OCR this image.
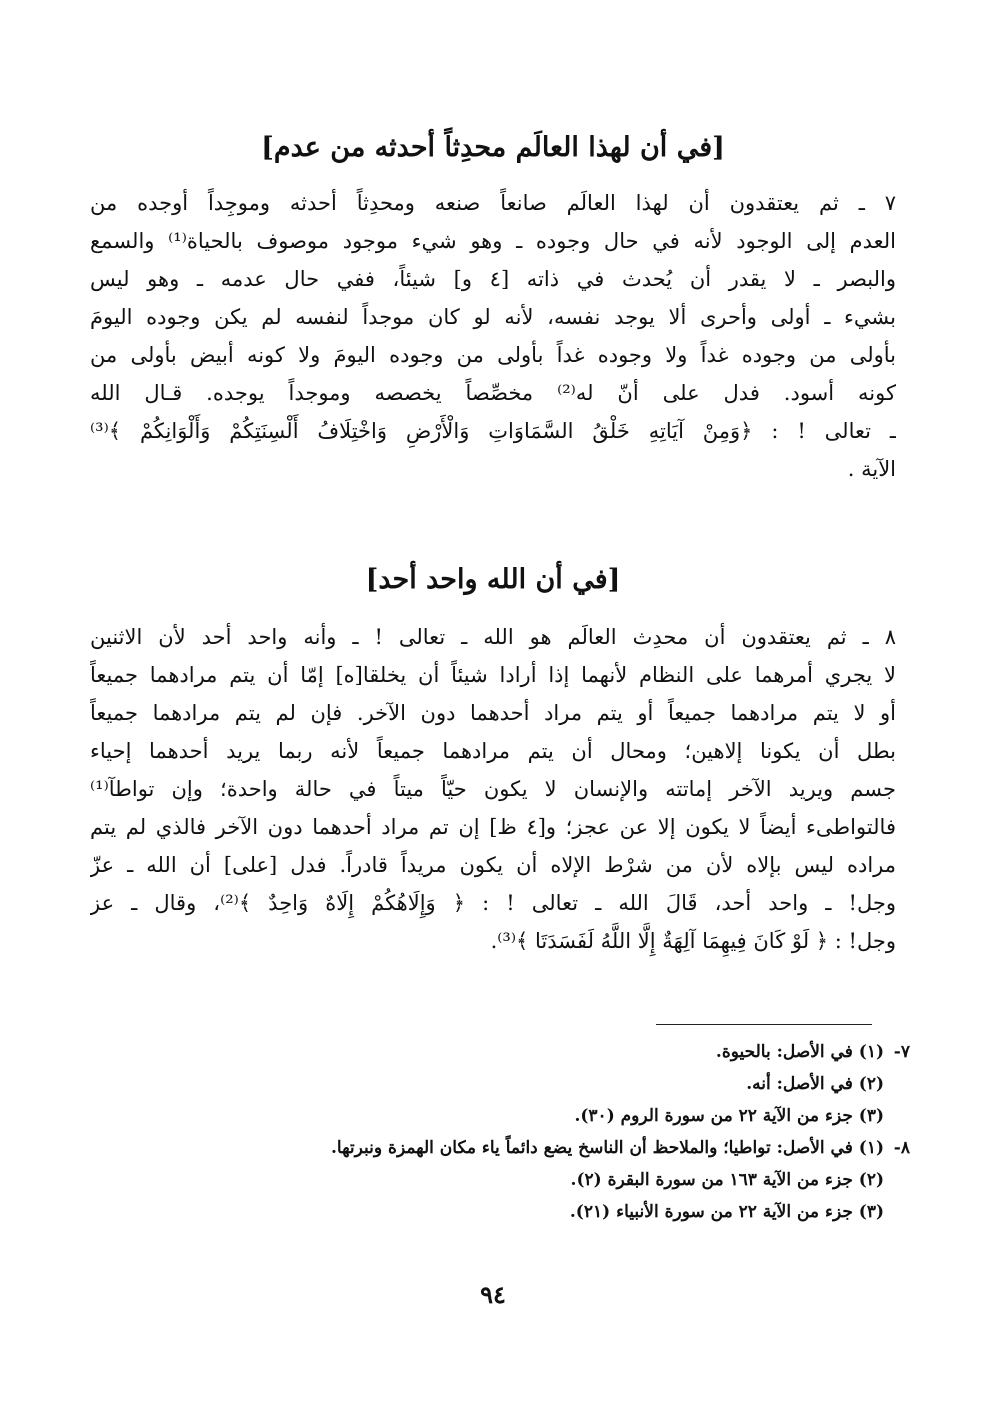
[في أن لهذا العالَم محدِثاً أحدثه من عدم]
٧ ـ ثم يعتقدون أن لهذا العالَم صانعاً صنعه ومحدِثاً أحدثه وموجِداً أوجده من
العدم إلى الوجود لأنه في حال وجوده ـ وهو شيء موجود موصوف بالحياة⁽¹⁾ والسمع
والبصر ـ لا يقدر أن يُحدث في ذاته [٤ و] شيئاً، ففي حال عدمه ـ وهو ليس
بشيء ـ أولى وأحرى ألا يوجد نفسه، لأنه لو كان موجداً لنفسه لم يكن وجوده اليومَ
بأولى من وجوده غداً ولا وجوده غداً بأولى من وجوده اليومَ ولا كونه أبيض بأولى من
كونه أسود. فدل على أنّ له⁽²⁾ مخصِّصاً يخصصه وموجداً يوجده. قـال الله
ـ تعالى ! : ﴿وَمِنْ آيَاتِهِ خَلْقُ السَّمَاوَاتِ وَالْأَرْضِ وَاخْتِلَافُ أَلْسِنَتِكُمْ وَأَلْوَانِكُمْ ﴾⁽³⁾
الآية .
[في أن الله واحد أحد]
٨ ـ ثم يعتقدون أن محدِث العالَم هو الله ـ تعالى ! ـ وأنه واحد أحد لأن الاثنين
لا يجري أمرهما على النظام لأنهما إذا أرادا شيئاً أن يخلقا[ه] إمّا أن يتم مرادهما جميعاً
أو لا يتم مرادهما جميعاً أو يتم مراد أحدهما دون الآخر. فإن لم يتم مرادهما جميعاً
بطل أن يكونا إلاهين؛ ومحال أن يتم مرادهما جميعاً لأنه ربما يريد أحدهما إحياء
جسم ويريد الآخر إماتته والإنسان لا يكون حيّاً ميتاً في حالة واحدة؛ وإن تواطآ⁽¹⁾
فالتواطىء أيضاً لا يكون إلا عن عجز؛ و[٤ ظ] إن تم مراد أحدهما دون الآخر فالذي لم يتم
مراده ليس بإلاه لأن من شرْط الإلاه أن يكون مريداً قادراً. فدل [على] أن الله ـ عزّ
وجل! ـ واحد أحد، قَالَ الله ـ تعالى ! : ﴿ وَإِلَاهُكُمْ إِلَاهٌ وَاحِدٌ ﴾⁽²⁾، وقال ـ عز
وجل! : ﴿ لَوْ كَانَ فِيهِمَا آلِهَةٌ إِلَّا اللَّهُ لَفَسَدَتَا ﴾⁽³⁾.
٧-(١) في الأصل: بالحيوة.
(٢) في الأصل: أنه.
(٣) جزء من الآية ٢٢ من سورة الروم (٣٠).
٨-(١) في الأصل: تواطيا؛ والملاحظ أن الناسخ يضع دائماً ياء مكان الهمزة ونبرتها.
(٢) جزء من الآية ١٦٣ من سورة البقرة (٢).
(٣) جزء من الآية ٢٢ من سورة الأنبياء (٢١).
٩٤
